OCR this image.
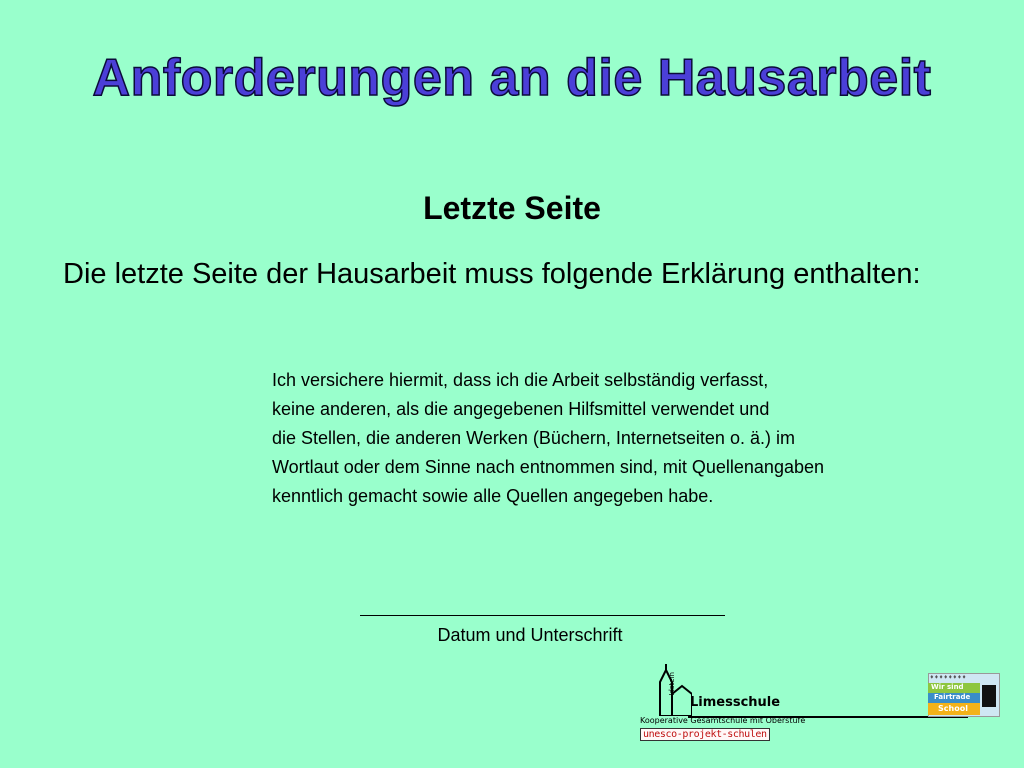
Anforderungen an die Hausarbeit
Letzte Seite

Die letzte Seite der Hausarbeit muss folgende Erklärung enthalten:

Ich versichere hiermit, dass ich die Arbeit selbständig verfasst,
keine anderen, als die angegebenen Hilfsmittel verwendet und
die Stellen, die anderen Werken (Büchern, Internetseiten o. ä.) im
Wortlaut oder dem Sinne nach entnommen sind, mit Quellenangaben
kenntlich gemacht sowie alle Quellen angegeben habe.
Datum und Unterschrift
Idstein
Limesschule
Kooperative Gesamtschule mit Oberstufe
unesco-projekt-schulen
♦♦♦♦♦♦♦♦
Wir sind
Fairtrade
School
